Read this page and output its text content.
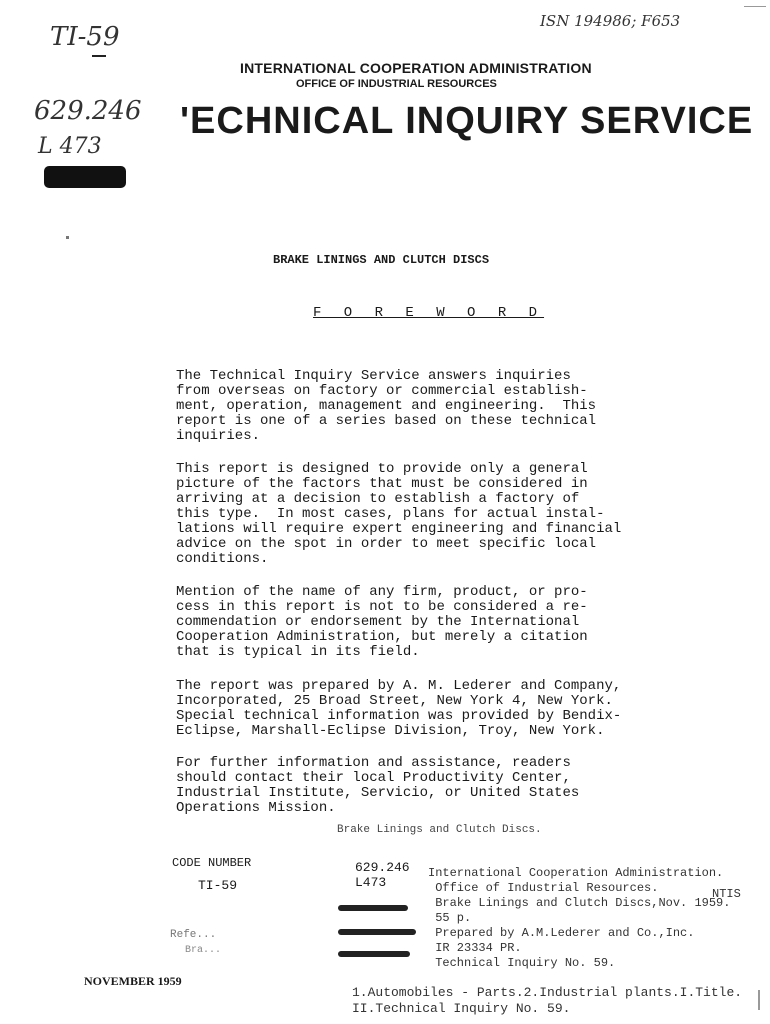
TI-59
ISN 194986; F653
629.246
L 473
INTERNATIONAL COOPERATION ADMINISTRATION
OFFICE OF INDUSTRIAL RESOURCES
'ECHNICAL INQUIRY SERVICE
BRAKE LININGS AND CLUTCH DISCS
F O R E W O R D
The Technical Inquiry Service answers inquiries
from overseas on factory or commercial establish-
ment, operation, management and engineering.  This
report is one of a series based on these technical
inquiries.
This report is designed to provide only a general
picture of the factors that must be considered in
arriving at a decision to establish a factory of
this type.  In most cases, plans for actual instal-
lations will require expert engineering and financial
advice on the spot in order to meet specific local
conditions.
Mention of the name of any firm, product, or pro-
cess in this report is not to be considered a re-
commendation or endorsement by the International
Cooperation Administration, but merely a citation
that is typical in its field.
The report was prepared by A. M. Lederer and Company,
Incorporated, 25 Broad Street, New York 4, New York.
Special technical information was provided by Bendix-
Eclipse, Marshall-Eclipse Division, Troy, New York.
For further information and assistance, readers
should contact their local Productivity Center,
Industrial Institute, Servicio, or United States
Operations Mission.
Brake Linings and Clutch Discs.
CODE NUMBER
TI-59
Refe...
Bra...
NOVEMBER 1959
629.246
L473
International Cooperation Administration.
Office of Industrial Resources.
Brake Linings and Clutch Discs,Nov. 1959.
55 p.
Prepared by A.M.Lederer and Co.,Inc.
IR 23334 PR.
Technical Inquiry No. 59.
NTIS
1.Automobiles - Parts.2.Industrial plants.I.Title.
II.Technical Inquiry No. 59.
